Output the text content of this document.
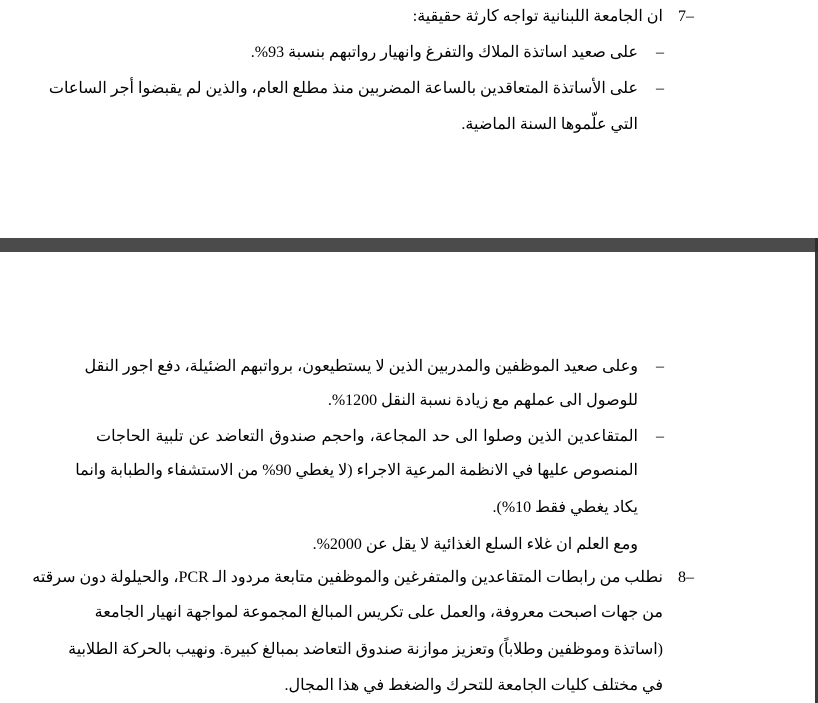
7–
ان الجامعة اللبنانية تواجه كارثة حقيقية:
–
على صعيد اساتذة الملاك والتفرغ وانهيار رواتبهم بنسبة 93%.
–
على الأساتذة المتعاقدين بالساعة المضربين منذ مطلع العام، والذين لم يقبضوا أجر الساعات
التي علّموها السنة الماضية.
–
وعلى صعيد الموظفين والمدربين الذين لا يستطيعون، برواتبهم الضئيلة، دفع اجور النقل
للوصول الى عملهم مع زيادة نسبة النقل 1200%.
–
المتقاعدين الذين وصلوا الى حد المجاعة، واحجم صندوق التعاضد عن تلبية الحاجات
المنصوص عليها في الانظمة المرعية الاجراء (لا يغطي 90% من الاستشفاء والطبابة وانما
يكاد يغطي فقط 10%).
ومع العلم ان غلاء السلع الغذائية لا يقل عن 2000%.
8–
نطلب من رابطات المتقاعدين والمتفرغين والموظفين متابعة مردود الـ PCR، والحيلولة دون سرقته
من جهات اصبحت معروفة، والعمل على تكريس المبالغ المجموعة لمواجهة انهيار الجامعة
(اساتذة وموظفين وطلاباً) وتعزيز موازنة صندوق التعاضد بمبالغ كبيرة. ونهيب بالحركة الطلابية
في مختلف كليات الجامعة للتحرك والضغط في هذا المجال.
